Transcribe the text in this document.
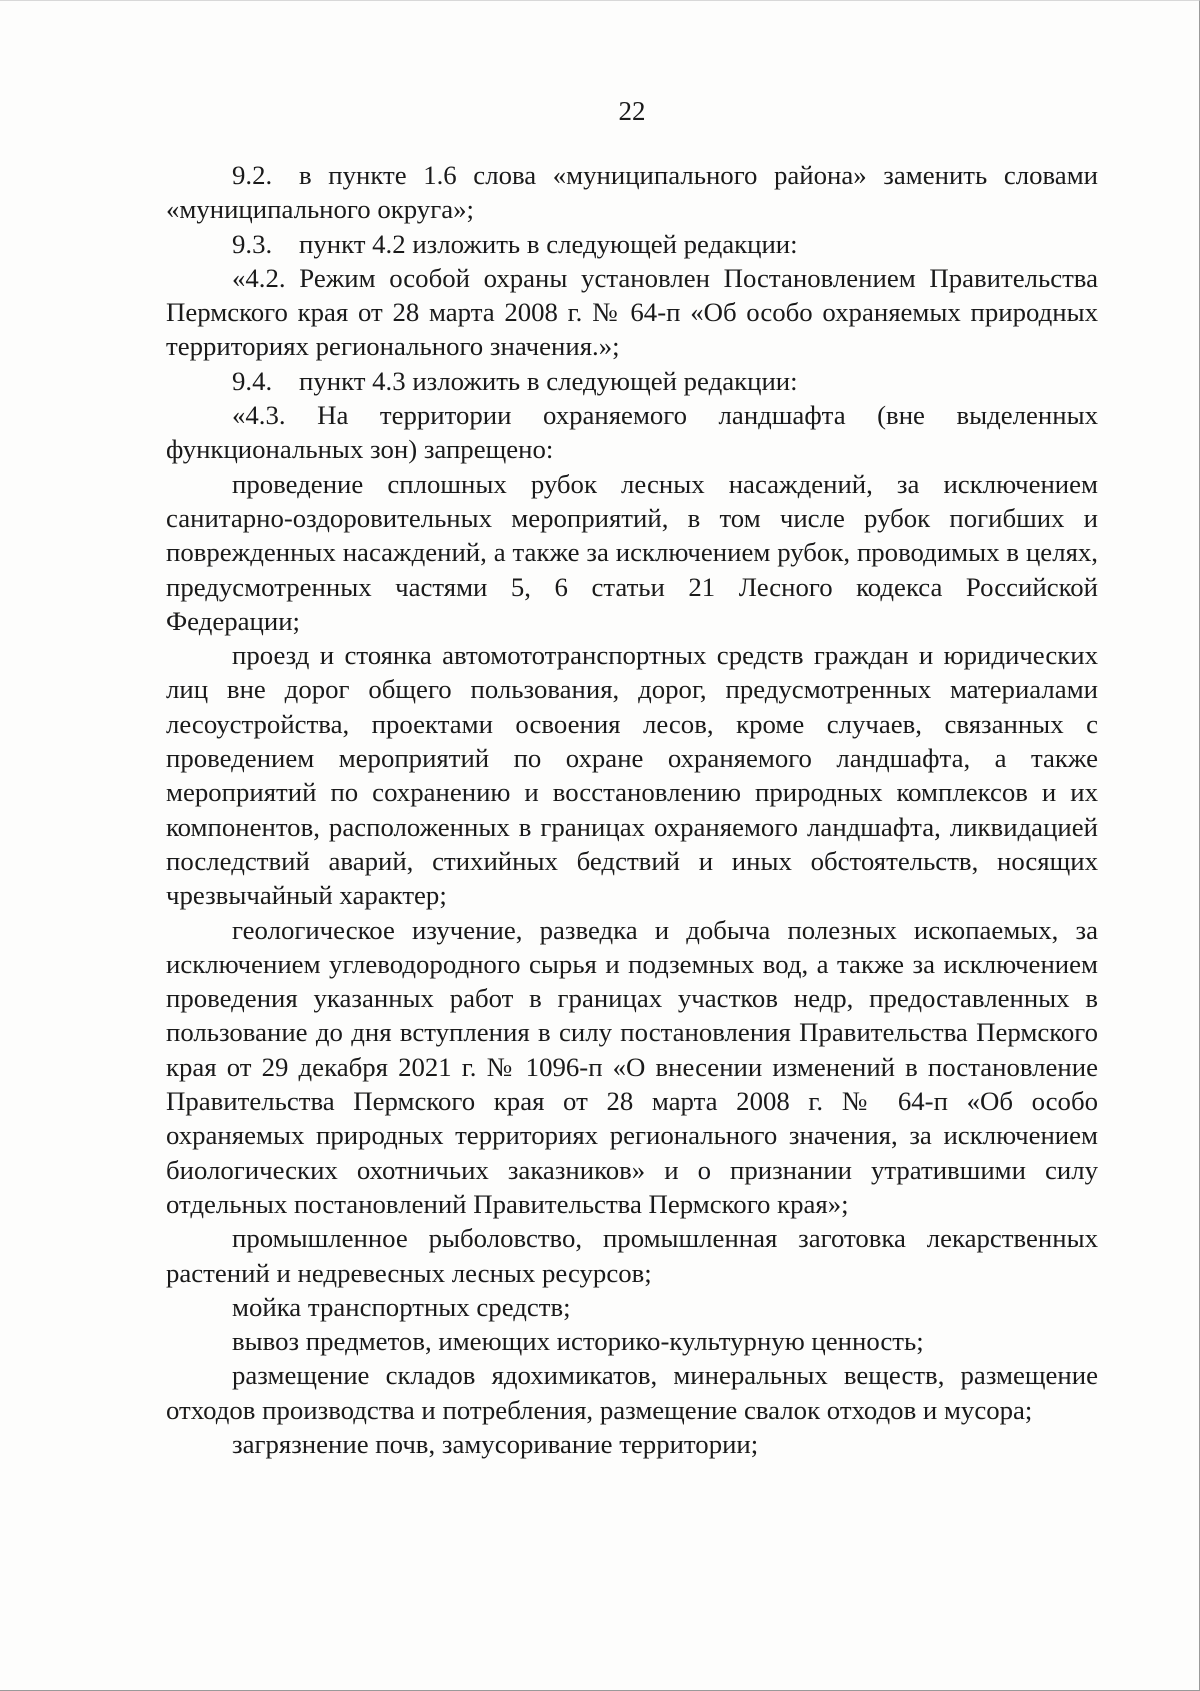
22

9.2. в пункте 1.6 слова «муниципального района» заменить словами «муниципального округа»;

9.3. пункт 4.2 изложить в следующей редакции:

«4.2. Режим особой охраны установлен Постановлением Правительства Пермского края от 28 марта 2008 г. № 64-п «Об особо охраняемых природных территориях регионального значения.»;

9.4. пункт 4.3 изложить в следующей редакции:

«4.3. На территории охраняемого ландшафта (вне выделенных функциональных зон) запрещено:

проведение сплошных рубок лесных насаждений, за исключением санитарно-оздоровительных мероприятий, в том числе рубок погибших и поврежденных насаждений, а также за исключением рубок, проводимых в целях, предусмотренных частями 5, 6 статьи 21 Лесного кодекса Российской Федерации;

проезд и стоянка автомототранспортных средств граждан и юридических лиц вне дорог общего пользования, дорог, предусмотренных материалами лесоустройства, проектами освоения лесов, кроме случаев, связанных с проведением мероприятий по охране охраняемого ландшафта, а также мероприятий по сохранению и восстановлению природных комплексов и их компонентов, расположенных в границах охраняемого ландшафта, ликвидацией последствий аварий, стихийных бедствий и иных обстоятельств, носящих чрезвычайный характер;

геологическое изучение, разведка и добыча полезных ископаемых, за исключением углеводородного сырья и подземных вод, а также за исключением проведения указанных работ в границах участков недр, предоставленных в пользование до дня вступления в силу постановления Правительства Пермского края от 29 декабря 2021 г. № 1096-п «О внесении изменений в постановление Правительства Пермского края от 28 марта 2008 г. № 64-п «Об особо охраняемых природных территориях регионального значения, за исключением биологических охотничьих заказников» и о признании утратившими силу отдельных постановлений Правительства Пермского края»;

промышленное рыболовство, промышленная заготовка лекарственных растений и недревесных лесных ресурсов;

мойка транспортных средств;

вывоз предметов, имеющих историко-культурную ценность;

размещение складов ядохимикатов, минеральных веществ, размещение отходов производства и потребления, размещение свалок отходов и мусора;

загрязнение почв, замусоривание территории;
